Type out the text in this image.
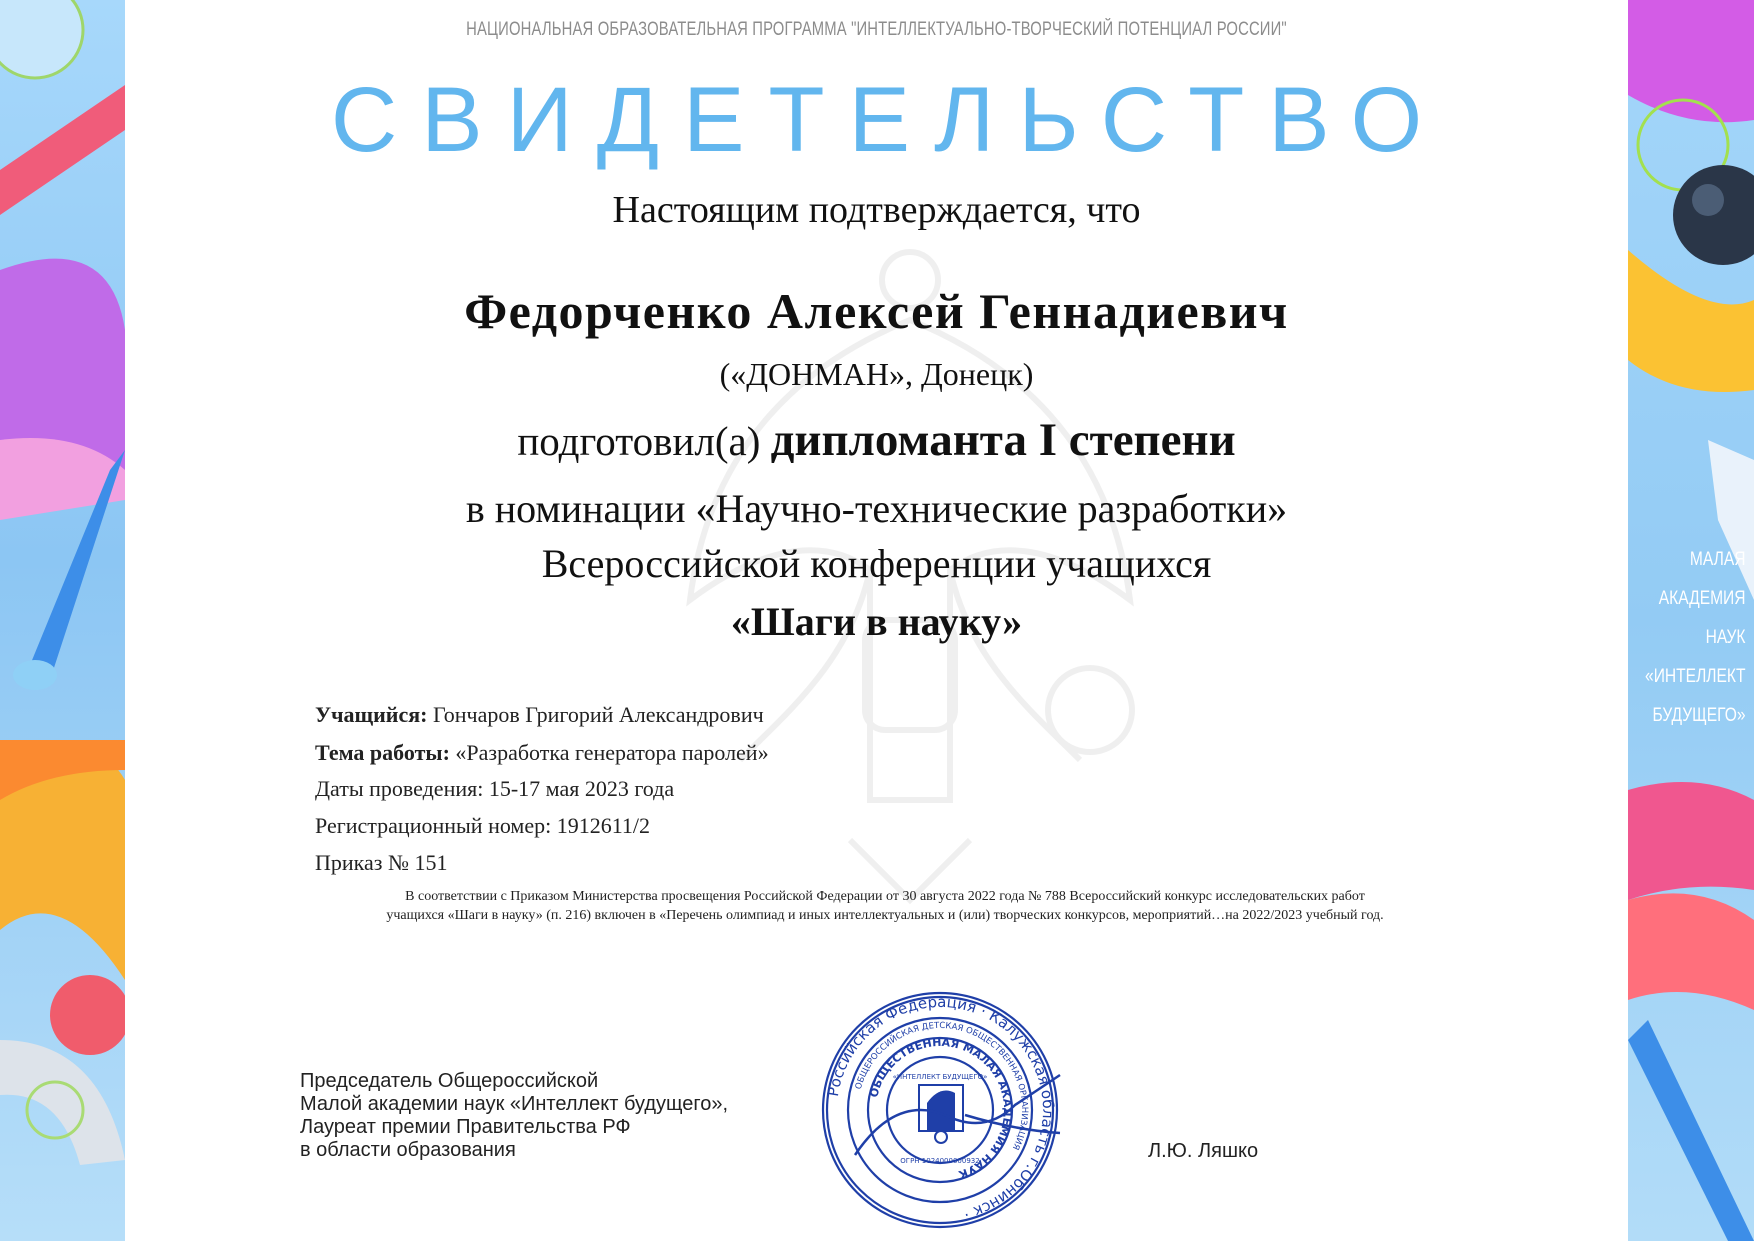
МАЛАЯ
АКАДЕМИЯ
НАУК
«ИНТЕЛЛЕКТ
БУДУЩЕГО»
НАЦИОНАЛЬНАЯ ОБРАЗОВАТЕЛЬНАЯ ПРОГРАММА "ИНТЕЛЛЕКТУАЛЬНО-ТВОРЧЕСКИЙ ПОТЕНЦИАЛ РОССИИ"
СВИДЕТЕЛЬСТВО
Настоящим подтверждается, что
Федорченко Алексей Геннадиевич
(«ДОНМАН», Донецк)
подготовил(а) дипломанта I степени
в номинации «Научно-технические разработки»
Всероссийской конференции учащихся
«Шаги в науку»
Учащийся: Гончаров Григорий Александрович
Тема работы: «Разработка генератора паролей»
Даты проведения: 15-17 мая 2023 года
Регистрационный номер: 1912611/2
Приказ № 151
В соответствии с Приказом Министерства просвещения Российской Федерации от 30 августа 2022 года № 788 Всероссийский конкурс исследовательских работ
учащихся «Шаги в науку» (п. 216) включен в «Перечень олимпиад и иных интеллектуальных и (или) творческих конкурсов, мероприятий…на 2022/2023 учебный год.
Председатель Общероссийской
Малой академии наук «Интеллект будущего»,
Лауреат премии Правительства РФ
в области образования
Российская Федерация · Калужская область г.Обнинск ·
ОБЩЕРОССИЙСКАЯ ДЕТСКАЯ ОБЩЕСТВЕННАЯ ОРГАНИЗАЦИЯ
ОБЩЕСТВЕННАЯ МАЛАЯ АКАДЕМИЯ НАУК
«ИНТЕЛЛЕКТ БУДУЩЕГО»
ОГРН 1024000000932	Л.Ю. Ляшко
